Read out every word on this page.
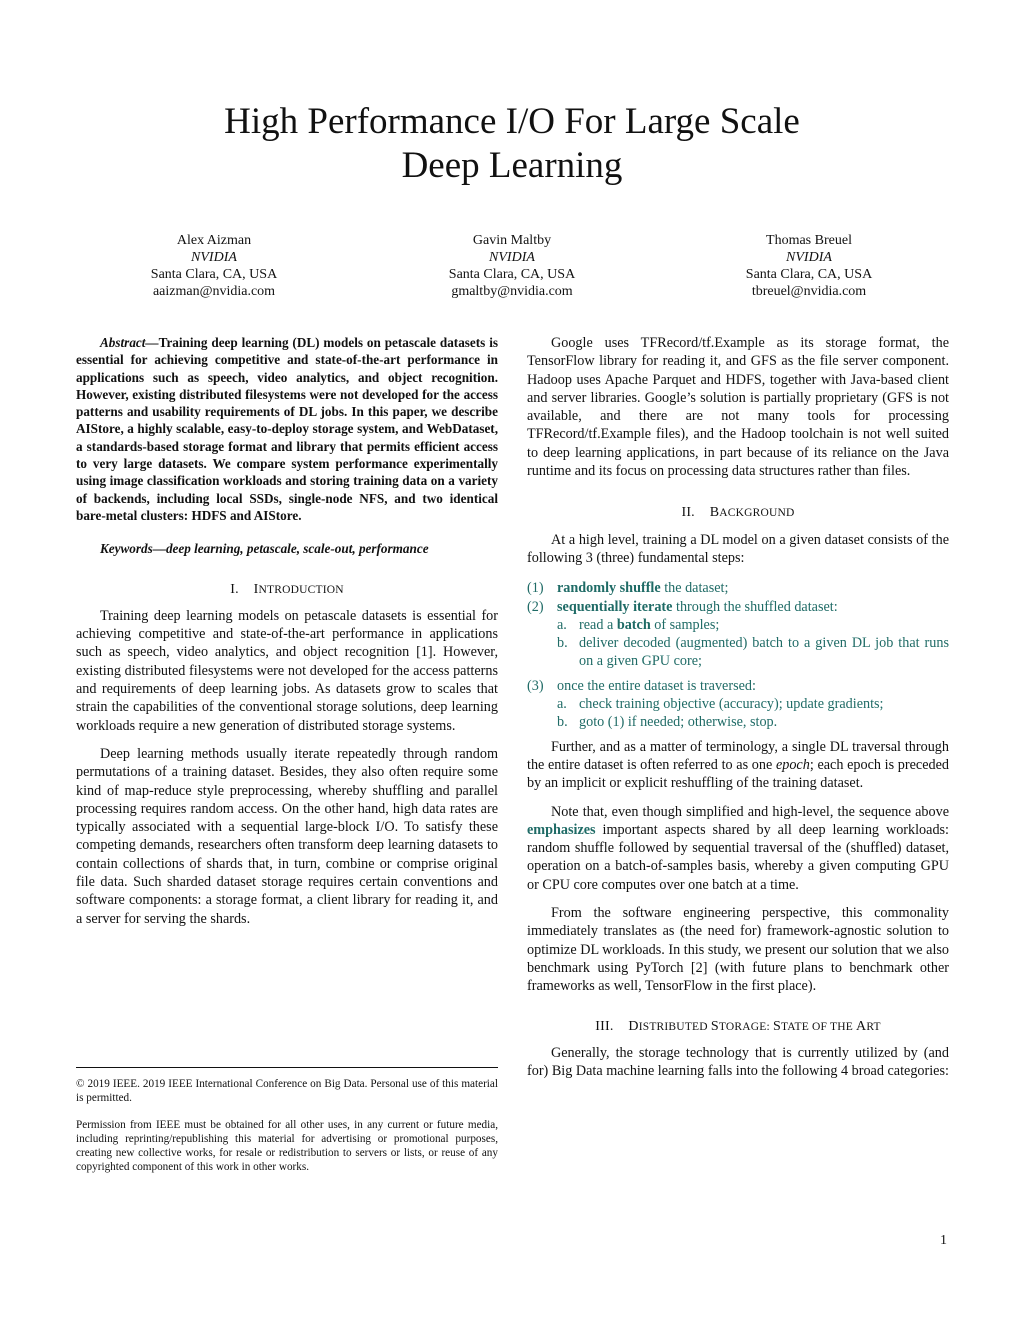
High Performance I/O For Large Scale
Deep Learning
Alex Aizman
NVIDIA
Santa Clara, CA, USA
aaizman@nvidia.com
Gavin Maltby
NVIDIA
Santa Clara, CA, USA
gmaltby@nvidia.com
Thomas Breuel
NVIDIA
Santa Clara, CA, USA
tbreuel@nvidia.com

Abstract—Training deep learning (DL) models on petascale datasets is essential for achieving competitive and state-of-the-art performance in applications such as speech, video analytics, and object recognition. However, existing distributed filesystems were not developed for the access patterns and usability requirements of DL jobs. In this paper, we describe AIStore, a highly scalable, easy-to-deploy storage system, and WebDataset, a standards-based storage format and library that permits efficient access to very large datasets. We compare system performance experimentally using image classification workloads and storing training data on a variety of backends, including local SSDs, single-node NFS, and two identical bare-metal clusters: HDFS and AIStore.

Keywords—deep learning, petascale, scale-out, performance

I. INTRODUCTION

Training deep learning models on petascale datasets is essential for achieving competitive and state-of-the-art performance in applications such as speech, video analytics, and object recognition [1]. However, existing distributed filesystems were not developed for the access patterns and requirements of deep learning jobs. As datasets grow to scales that strain the capabilities of the conventional storage solutions, deep learning workloads require a new generation of distributed storage systems.

Deep learning methods usually iterate repeatedly through random permutations of a training dataset. Besides, they also often require some kind of map-reduce style preprocessing, whereby shuffling and parallel processing requires random access. On the other hand, high data rates are typically associated with a sequential large-block I/O. To satisfy these competing demands, researchers often transform deep learning datasets to contain collections of shards that, in turn, combine or comprise original file data. Such sharded dataset storage requires certain conventions and software components: a storage format, a client library for reading it, and a server for serving the shards.

© 2019 IEEE. 2019 IEEE International Conference on Big Data. Personal use of this material is permitted.
Permission from IEEE must be obtained for all other uses, in any current or future media, including reprinting/republishing this material for advertising or promotional purposes, creating new collective works, for resale or redistribution to servers or lists, or reuse of any copyrighted component of this work in other works.

Google uses TFRecord/tf.Example as its storage format, the TensorFlow library for reading it, and GFS as the file server component. Hadoop uses Apache Parquet and HDFS, together with Java-based client and server libraries. Google’s solution is partially proprietary (GFS is not available, and there are not many tools for processing TFRecord/tf.Example files), and the Hadoop toolchain is not well suited to deep learning applications, in part because of its reliance on the Java runtime and its focus on processing data structures rather than files.

II. BACKGROUND

At a high level, training a DL model on a given dataset consists of the following 3 (three) fundamental steps:

(1) randomly shuffle the dataset;

(2) sequentially iterate through the shuffled dataset:

a. read a batch of samples;

b. deliver decoded (augmented) batch to a given DL job that runs on a given GPU core;

(3) once the entire dataset is traversed:

a. check training objective (accuracy); update gradients;

b. goto (1) if needed; otherwise, stop.

Further, and as a matter of terminology, a single DL traversal through the entire dataset is often referred to as one epoch; each epoch is preceded by an implicit or explicit reshuffling of the training dataset.

Note that, even though simplified and high-level, the sequence above emphasizes important aspects shared by all deep learning workloads: random shuffle followed by sequential traversal of the (shuffled) dataset, operation on a batch-of-samples basis, whereby a given computing GPU or CPU core computes over one batch at a time.

From the software engineering perspective, this commonality immediately translates as (the need for) framework-agnostic solution to optimize DL workloads. In this study, we present our solution that we also benchmark using PyTorch [2] (with future plans to benchmark other frameworks as well, TensorFlow in the first place).

III. DISTRIBUTED STORAGE: STATE OF THE ART

Generally, the storage technology that is currently utilized by (and for) Big Data machine learning falls into the following 4 broad categories:

1
